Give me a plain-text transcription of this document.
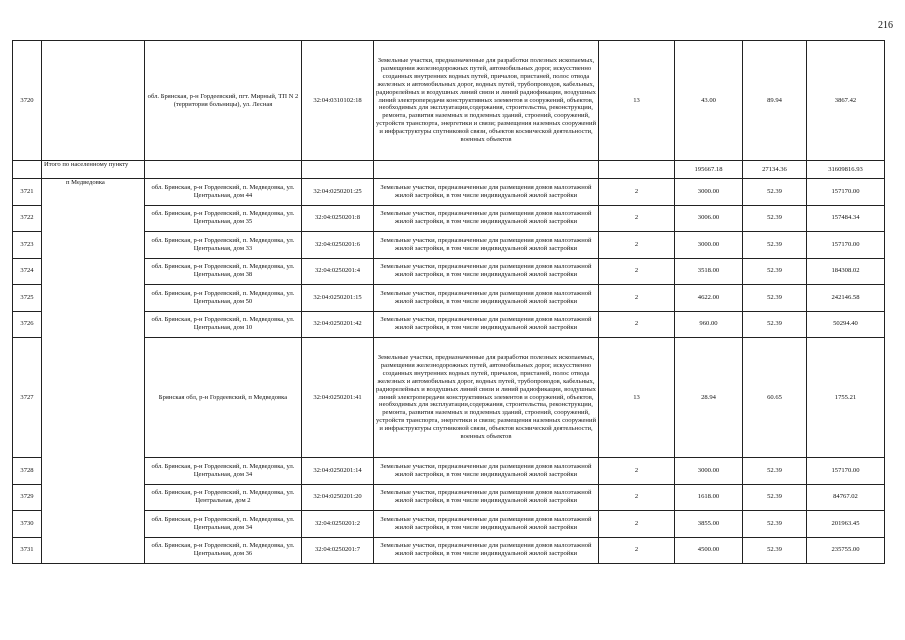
216
3720		обл. Брянская, р-н Гордеевский, пгт. Мирный, ТП N 2 (территория больницы), ул. Лесная	32:04:0310102:18	Земельные участки, предназначенные для разработки полезных ископаемых, размещения железнодорожных путей, автомобильных дорог, искусственно созданных внутренних водных путей, причалов, пристаней, полос отвода железных и автомобильных дорог, водных путей, трубопроводов, кабельных, радиорелейных и воздушных линий связи и линий радиофикации, воздушных линий электропередачи конструктивных элементов и сооружений, объектов, необходимых для эксплуатации,содержания, строительства, реконструкции, ремонта, развития наземных и подземных зданий, строений, сооружений, устройств транспорта, энергетики и связи; размещения наземных сооружений и инфраструктуры спутниковой связи, объектов космической деятельности, военных объектов	13	43.00	89.94	3867.42
	Итого по населенному пункту					195667.18	27134.36	31609816.93
3721	п Медведовка	обл. Брянская, р-н Гордеевский, п. Медведовка, ул. Центральная, дом 44	32:04:0250201:25	Земельные участки, предназначенные для размещения домов малоэтажной жилой застройки, в том числе индивидуальной жилой застройки	2	3000.00	52.39	157170.00
3722		обл. Брянская, р-н Гордеевский, п. Медведовка, ул. Центральная, дом 35	32:04:0250201:8	Земельные участки, предназначенные для размещения домов малоэтажной жилой застройки, в том числе индивидуальной жилой застройки	2	3006.00	52.39	157484.34
3723		обл. Брянская, р-н Гордеевский, п. Медведовка, ул. Центральная, дом 33	32:04:0250201:6	Земельные участки, предназначенные для размещения домов малоэтажной жилой застройки, в том числе индивидуальной жилой застройки	2	3000.00	52.39	157170.00
3724		обл. Брянская, р-н Гордеевский, п. Медведовка, ул. Центральная, дом 38	32:04:0250201:4	Земельные участки, предназначенные для размещения домов малоэтажной жилой застройки, в том числе индивидуальной жилой застройки	2	3518.00	52.39	184308.02
3725		обл. Брянская, р-н Гордеевский, п. Медведовка, ул. Центральная, дом 50	32:04:0250201:15	Земельные участки, предназначенные для размещения домов малоэтажной жилой застройки, в том числе индивидуальной жилой застройки	2	4622.00	52.39	242146.58
3726		обл. Брянская, р-н Гордеевский, п. Медведовка, ул. Центральная, дом 10	32:04:0250201:42	Земельные участки, предназначенные для размещения домов малоэтажной жилой застройки, в том числе индивидуальной жилой застройки	2	960.00	52.39	50294.40
3727		Брянская обл, р-н Гордеевский, п Медведовка	32:04:0250201:41	Земельные участки, предназначенные для разработки полезных ископаемых, размещения железнодорожных путей, автомобильных дорог, искусственно созданных внутренних водных путей, причалов, пристаней, полос отвода железных и автомобильных дорог, водных путей, трубопроводов, кабельных, радиорелейных и воздушных линий связи и линий радиофикации, воздушных линий электропередачи конструктивных элементов и сооружений, объектов, необходимых для эксплуатации,содержания, строительства, реконструкции, ремонта, развития наземных и подземных зданий, строений, сооружений, устройств транспорта, энергетики и связи; размещения наземных сооружений и инфраструктуры спутниковой связи, объектов космической деятельности, военных объектов	13	28.94	60.65	1755.21
3728		обл. Брянская, р-н Гордеевский, п. Медведовка, ул. Центральная, дом 34	32:04:0250201:14	Земельные участки, предназначенные для размещения домов малоэтажной жилой застройки, в том числе индивидуальной жилой застройки	2	3000.00	52.39	157170.00
3729		обл. Брянская, р-н Гордеевский, п. Медведовка, ул. Центральная, дом 2	32:04:0250201:20	Земельные участки, предназначенные для размещения домов малоэтажной жилой застройки, в том числе индивидуальной жилой застройки	2	1618.00	52.39	84767.02
3730		обл. Брянская, р-н Гордеевский, п. Медведовка, ул. Центральная, дом 34	32:04:0250201:2	Земельные участки, предназначенные для размещения домов малоэтажной жилой застройки, в том числе индивидуальной жилой застройки	2	3855.00	52.39	201963.45
3731		обл. Брянская, р-н Гордеевский, п. Медведовка, ул. Центральная, дом 36	32:04:0250201:7	Земельные участки, предназначенные для размещения домов малоэтажной жилой застройки, в том числе индивидуальной жилой застройки	2	4500.00	52.39	235755.00
